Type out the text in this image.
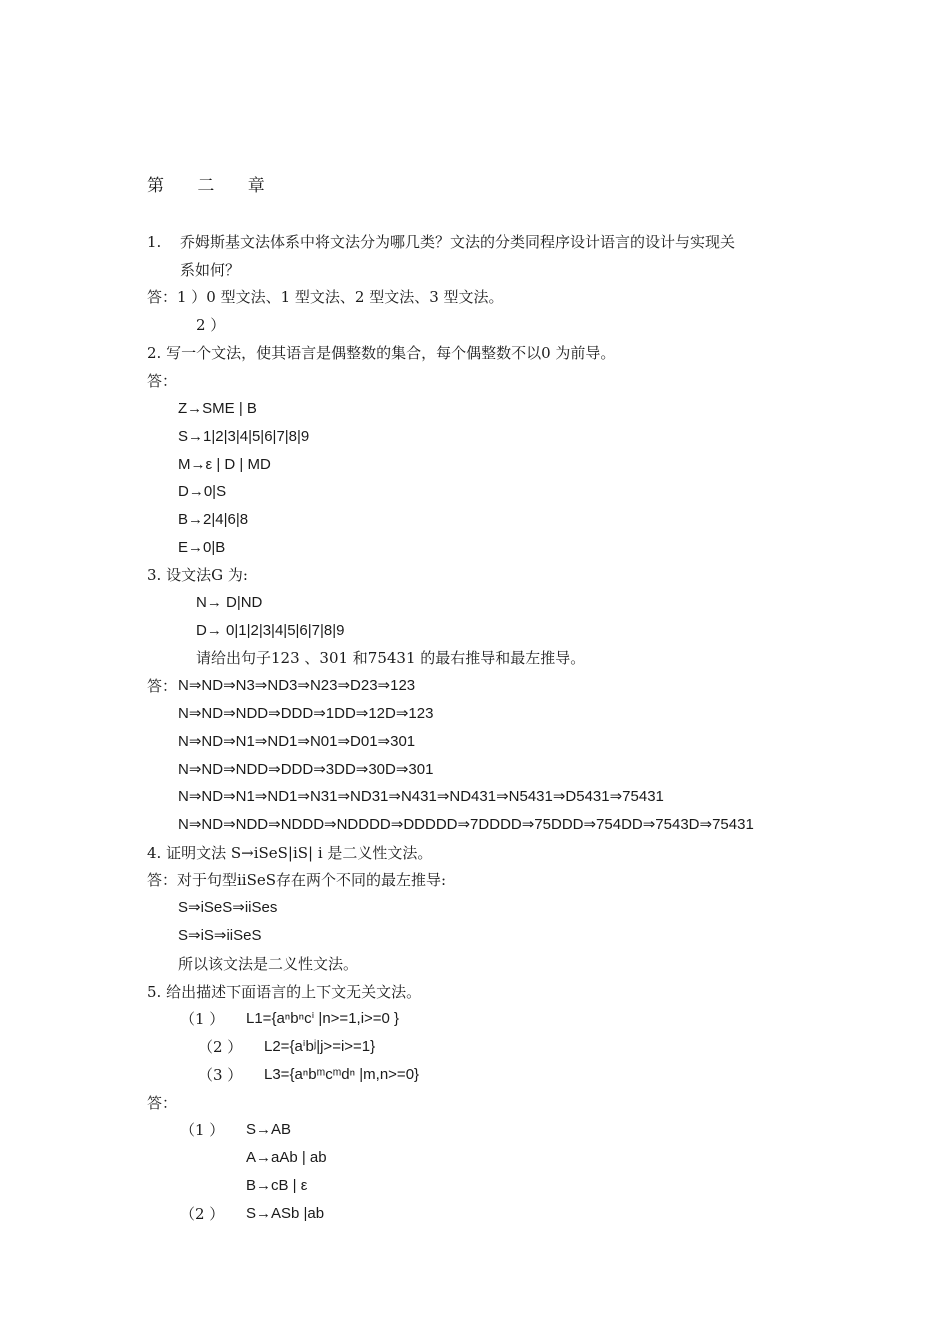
第 二 章
1. 乔姆斯基文法体系中将文法分为哪几类？文法的分类同程序设计语言的设计与实现关
系如何？
答：1 ）0 型文法、1 型文法、2 型文法、3 型文法。
2 ）
2. 写一个文法，使其语言是偶整数的集合，每个偶整数不以0 为前导。
答：
Z→SME | B
S→1|2|3|4|5|6|7|8|9
M→ε | D | MD
D→0|S
B→2|4|6|8
E→0|B
3. 设文法G 为:
N→ D|ND
D→ 0|1|2|3|4|5|6|7|8|9
请给出句子123 、301 和75431 的最右推导和最左推导。
答： N⇒ND⇒N3⇒ND3⇒N23⇒D23⇒123
N⇒ND⇒NDD⇒DDD⇒1DD⇒12D⇒123
N⇒ND⇒N1⇒ND1⇒N01⇒D01⇒301
N⇒ND⇒NDD⇒DDD⇒3DD⇒30D⇒301
N⇒ND⇒N1⇒ND1⇒N31⇒ND31⇒N431⇒ND431⇒N5431⇒D5431⇒75431
N⇒ND⇒NDD⇒NDDD⇒NDDDD⇒DDDDD⇒7DDDD⇒75DDD⇒754DD⇒7543D⇒75431
4. 证明文法 S→iSeS|iS| i 是二义性文法。
答：对于句型iiSeS存在两个不同的最左推导:
S⇒iSeS⇒iiSes
S⇒iS⇒iiSeS
所以该文法是二义性文法。
5. 给出描述下面语言的上下文无关文法。
（1 ） L1={aⁿbⁿcⁱ |n>=1,i>=0 }
（2 ） L2={aⁱbʲ|j>=i>=1}
（3 ） L3={aⁿbᵐcᵐdⁿ |m,n>=0}
答：
（1 ） S→AB
A→aAb | ab
B→cB | ε
（2 ） S→ASb |ab
